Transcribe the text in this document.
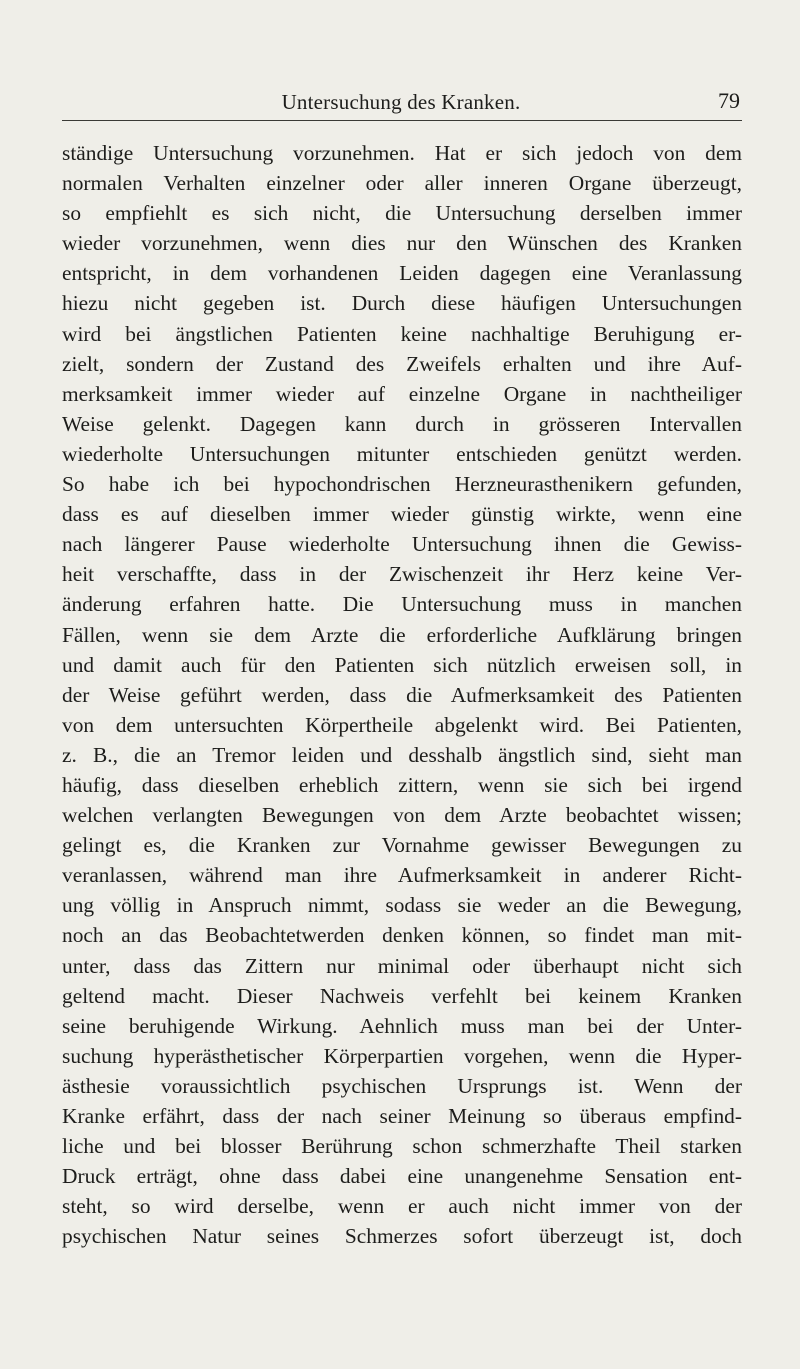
Untersuchung des Kranken.	79

ständige Untersuchung vorzunehmen. Hat er sich jedoch von dem
normalen Verhalten einzelner oder aller inneren Organe überzeugt,
so empfiehlt es sich nicht, die Untersuchung derselben immer
wieder vorzunehmen, wenn dies nur den Wünschen des Kranken
entspricht, in dem vorhandenen Leiden dagegen eine Veranlassung
hiezu nicht gegeben ist. Durch diese häufigen Untersuchungen
wird bei ängstlichen Patienten keine nachhaltige Beruhigung er-
zielt, sondern der Zustand des Zweifels erhalten und ihre Auf-
merksamkeit immer wieder auf einzelne Organe in nachtheiliger
Weise gelenkt. Dagegen kann durch in grösseren Intervallen
wiederholte Untersuchungen mitunter entschieden genützt werden.
So habe ich bei hypochondrischen Herzneurasthenikern gefunden,
dass es auf dieselben immer wieder günstig wirkte, wenn eine
nach längerer Pause wiederholte Untersuchung ihnen die Gewiss-
heit verschaffte, dass in der Zwischenzeit ihr Herz keine Ver-
änderung erfahren hatte. Die Untersuchung muss in manchen
Fällen, wenn sie dem Arzte die erforderliche Aufklärung bringen
und damit auch für den Patienten sich nützlich erweisen soll, in
der Weise geführt werden, dass die Aufmerksamkeit des Patienten
von dem untersuchten Körpertheile abgelenkt wird. Bei Patienten,
z. B., die an Tremor leiden und desshalb ängstlich sind, sieht man
häufig, dass dieselben erheblich zittern, wenn sie sich bei irgend
welchen verlangten Bewegungen von dem Arzte beobachtet wissen;
gelingt es, die Kranken zur Vornahme gewisser Bewegungen zu
veranlassen, während man ihre Aufmerksamkeit in anderer Richt-
ung völlig in Anspruch nimmt, sodass sie weder an die Bewegung,
noch an das Beobachtetwerden denken können, so findet man mit-
unter, dass das Zittern nur minimal oder überhaupt nicht sich
geltend macht. Dieser Nachweis verfehlt bei keinem Kranken
seine beruhigende Wirkung. Aehnlich muss man bei der Unter-
suchung hyperästhetischer Körperpartien vorgehen, wenn die Hyper-
ästhesie voraussichtlich psychischen Ursprungs ist. Wenn der
Kranke erfährt, dass der nach seiner Meinung so überaus empfind-
liche und bei blosser Berührung schon schmerzhafte Theil starken
Druck erträgt, ohne dass dabei eine unangenehme Sensation ent-
steht, so wird derselbe, wenn er auch nicht immer von der
psychischen Natur seines Schmerzes sofort überzeugt ist, doch
